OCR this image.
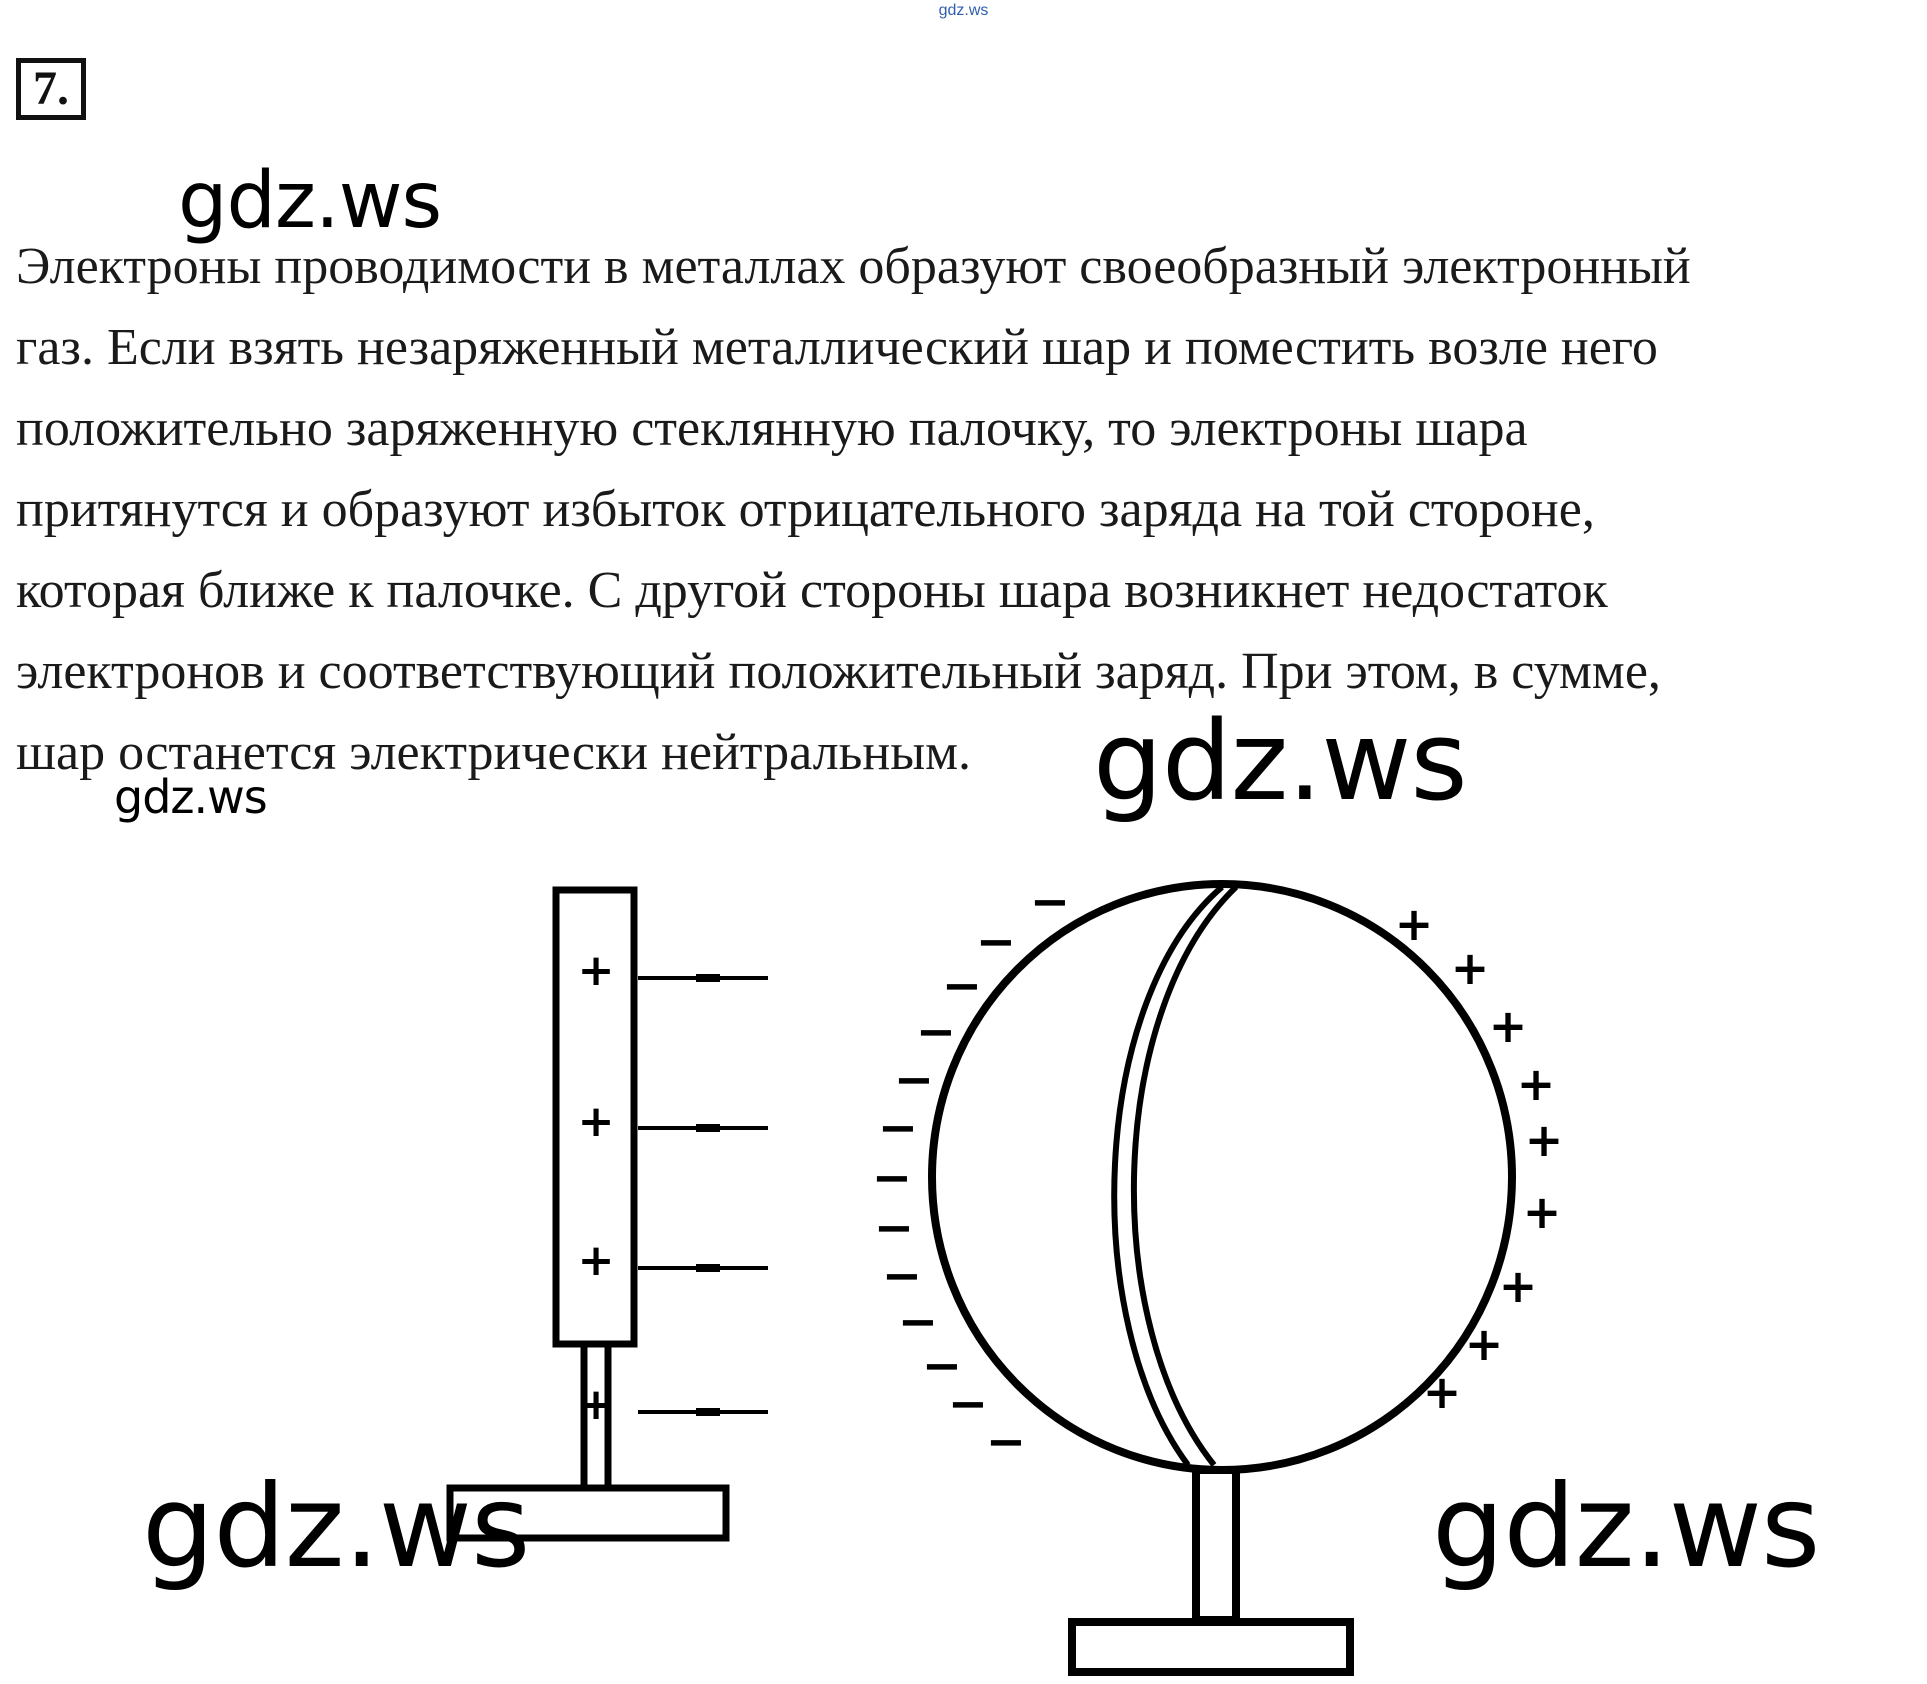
gdz.ws
7.
gdz.ws

Электроны проводимости в металлах образуют своеобразный электронный
газ. Если взять незаряженный металлический шар и поместить возле него
положительно заряженную стеклянную палочку, то электроны шара
притянутся и образуют избыток отрицательного заряда на той стороне,
которая ближе к палочке. С другой стороны шара возникнет недостаток
электронов и соответствующий положительный заряд. При этом, в сумме,
шар останется электрически нейтральным.

gdz.ws	gdz.ws
+
+
+
+
−
−
−
−
−
−
−
−
−
−
−
−
−
+
+
+
+
+
+
+
+
+
gdz.ws	gdz.ws
